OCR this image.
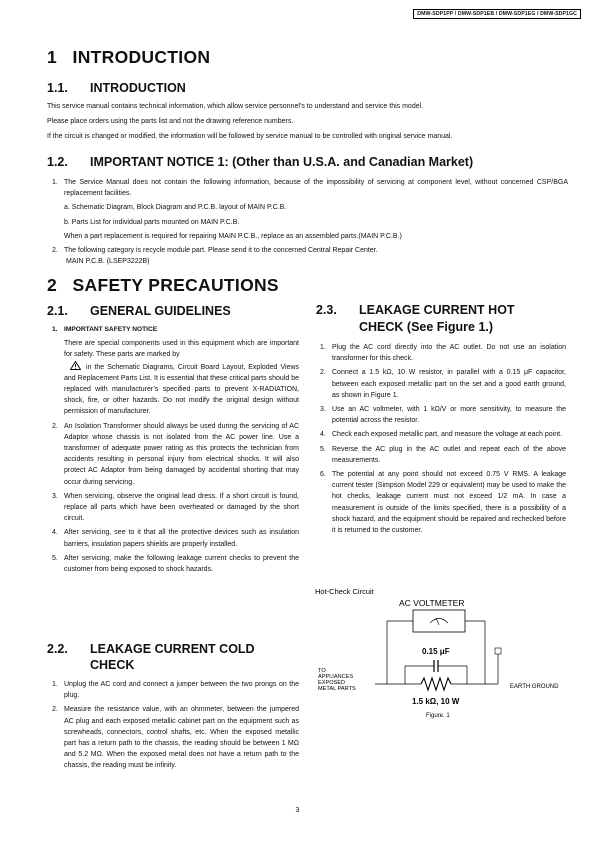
DMW-SDP1PP / DMW-SDP1EB / DMW-SDP1EG / DMW-SDP1GC
1 INTRODUCTION
1.1. INTRODUCTION

This service manual contains technical information, which allow service personnel’s to understand and service this model.

Please place orders using the parts list and not the drawing reference numbers.

If the circuit is changed or modified, the information will be followed by service manual to be controlled with original service manual.

1.2. IMPORTANT NOTICE 1: (Other than U.S.A. and Canadian Market)
1. The Service Manual does not contain the following information, because of the impossibility of servicing at component level, without concerned CSP/BGA replacement facilities.
a. Schematic Diagram, Block Diagram and P.C.B. layout of MAIN P.C.B.
b. Parts List for individual parts mounted on MAIN P.C.B.
When a part replacement is required for repairing MAIN P.C.B., replace as an assembled parts.(MAIN P.C.B.)
2. The following category is recycle module part. Please send it to the concerned Central Repair Center.
MAIN P.C.B. (LSEP3222B)
2 SAFETY PRECAUTIONS
2.1. GENERAL GUIDELINES
1. IMPORTANT SAFETY NOTICE
There are special components used in this equipment which are important for safety. These parts are marked by
in the Schematic Diagrams, Circuit Board Layout, Exploded Views and Replacement Parts List. It is essential that these critical parts should be replaced with manufacturer’s specified parts to prevent X-RADIATION, shock, fire, or other hazards. Do not modify the original design without permission of manufacturer.
2. An Isolation Transformer should always be used during the servicing of AC Adaptor whose chassis is not isolated from the AC power line. Use a transformer of adequate power rating as this protects the technician from accidents resulting in personal injury from electrical shocks. It will also protect AC Adaptor from being damaged by accidental shorting that may occur during servicing.
3. When servicing, observe the original lead dress. If a short circuit is found, replace all parts which have been overheated or damaged by the short circuit.
4. After servicing, see to it that all the protective devices such as insulation barriers, insulation papers shields are properly installed.
5. After servicing, make the following leakage current checks to prevent the customer from being exposed to shock hazards.
2.2. LEAKAGE CURRENT COLD
CHECK
1. Unplug the AC cord and connect a jumper between the two prongs on the plug.
2. Measure the resistance value, with an ohmmeter, between the jumpered AC plug and each exposed metallic cabinet part on the equipment such as screwheads, connectors, control shafts, etc. When the exposed metallic part has a return path to the chassis, the reading should be between 1 MΩ and 5.2 MΩ. When the exposed metal does not have a return path to the chassis, the reading must be infinity.
2.3. LEAKAGE CURRENT HOT
CHECK (See Figure 1.)
1. Plug the AC cord directly into the AC outlet. Do not use an isolation transformer for this check.
2. Connect a 1.5 kΩ, 10 W resistor, in parallel with a 0.15 μF capacitor, between each exposed metallic part on the set and a good earth ground, as shown in Figure 1.
3. Use an AC voltmeter, with 1 kΩ/V or more sensitivity, to measure the potential across the resistor.
4. Check each exposed metallic part, and measure the voltage at each point.
5. Reverse the AC plug in the AC outlet and repeat each of the above measurements.
6. The potential at any point should not exceed 0.75 V RMS. A leakage current tester (Simpson Model 229 or equivalent) may be used to make the hot checks, leakage current must not exceed 1/2 mA. In case a measurement is outside of the limits specified, there is a possibility of a shock hazard, and the equipment should be repaired and rechecked before it is returned to the customer.
Hot-Check Circuit
AC VOLTMETER
0.15 μF
1.5 kΩ, 10 W
TO
APPLIANCES
EXPOSED
METAL PARTS	EARTH GROUND
Figure. 1
3
